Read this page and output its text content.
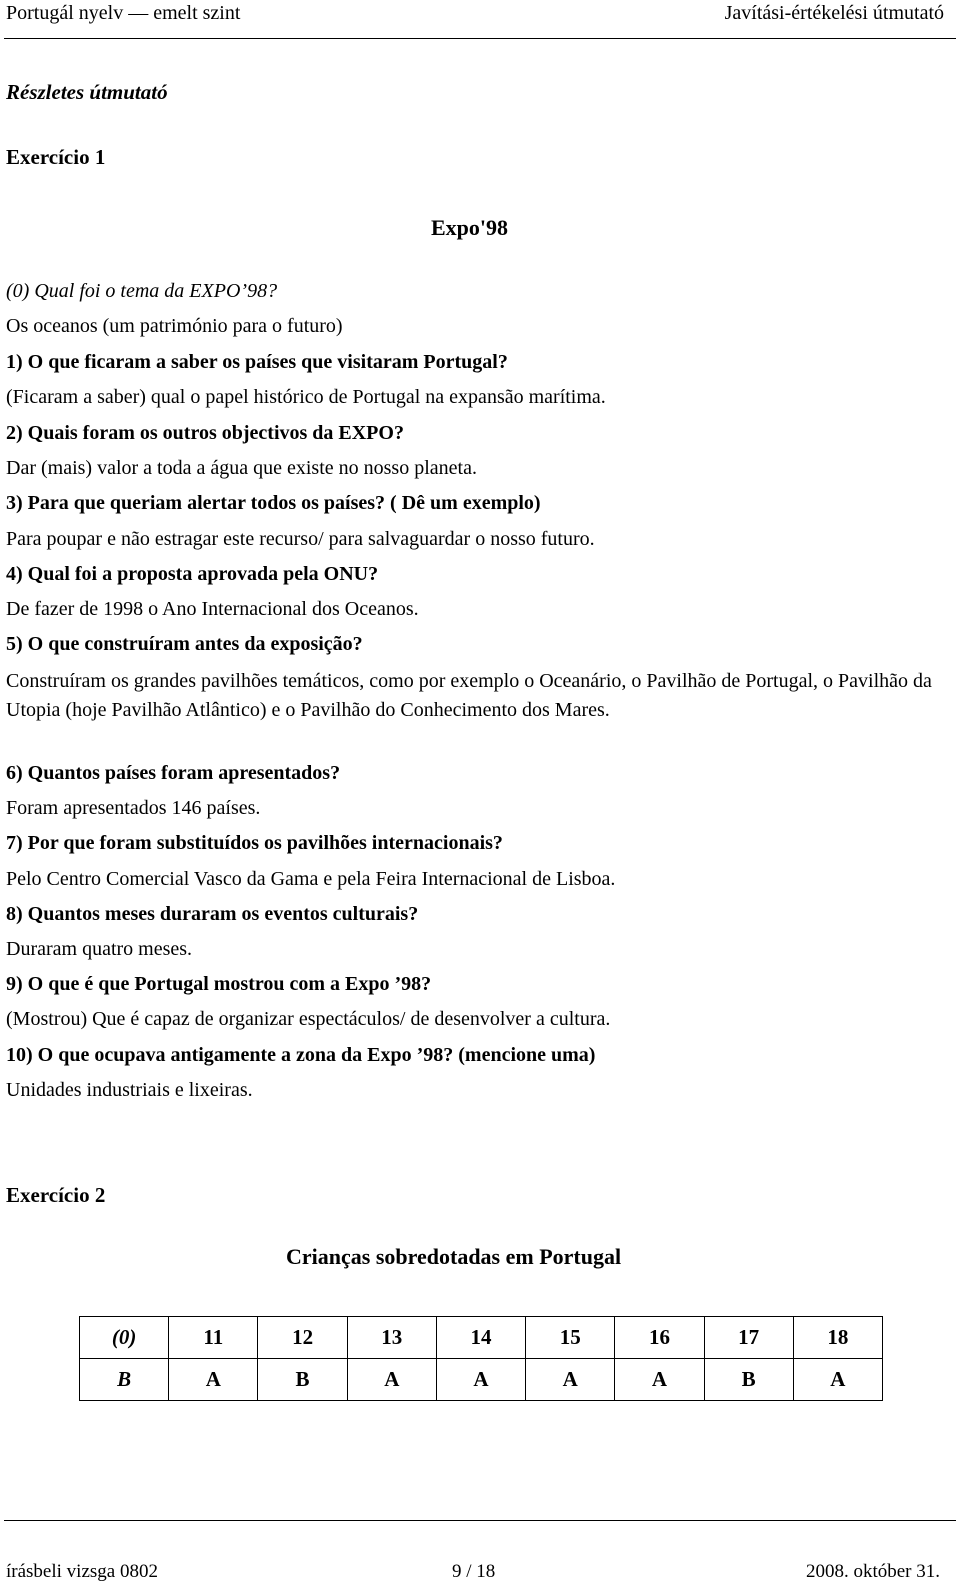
Portugál nyelv — emelt szint	Javítási-értékelési útmutató
Részletes útmutató
Exercício 1
Expo'98
(0) Qual foi o tema da EXPO’98?
Os oceanos (um património para o futuro)
1) O que ficaram a saber os países que visitaram Portugal?
(Ficaram a saber) qual o papel histórico de Portugal na expansão marítima.
2) Quais foram os outros objectivos da EXPO?
Dar (mais) valor a toda a água que existe no nosso planeta.
3) Para que queriam alertar todos os países? ( Dê um exemplo)
Para poupar e não estragar este recurso/ para salvaguardar o nosso futuro.
4) Qual foi a proposta aprovada pela ONU?
De fazer de 1998 o Ano Internacional dos Oceanos.
5) O que construíram antes da exposição?
Construíram os grandes pavilhões temáticos, como por exemplo o Oceanário, o Pavilhão de Portugal, o Pavilhão da Utopia (hoje Pavilhão Atlântico) e o Pavilhão do Conhecimento dos Mares.
6) Quantos países foram apresentados?
Foram apresentados 146 países.
7) Por que foram substituídos os pavilhões internacionais?
Pelo Centro Comercial Vasco da Gama e pela Feira Internacional de Lisboa.
8) Quantos meses duraram os eventos culturais?
Duraram quatro meses.
9) O que é que Portugal mostrou com a Expo ’98?
(Mostrou) Que é capaz de organizar espectáculos/ de desenvolver a cultura.
10) O que ocupava antigamente a zona da Expo ’98? (mencione uma)
Unidades industriais e lixeiras.
Exercício 2
Crianças sobredotadas em Portugal
(0)	11	12	13	14	15	16	17	18
B	A	B	A	A	A	A	B	A
írásbeli vizsga 0802	9 / 18	2008. október 31.
